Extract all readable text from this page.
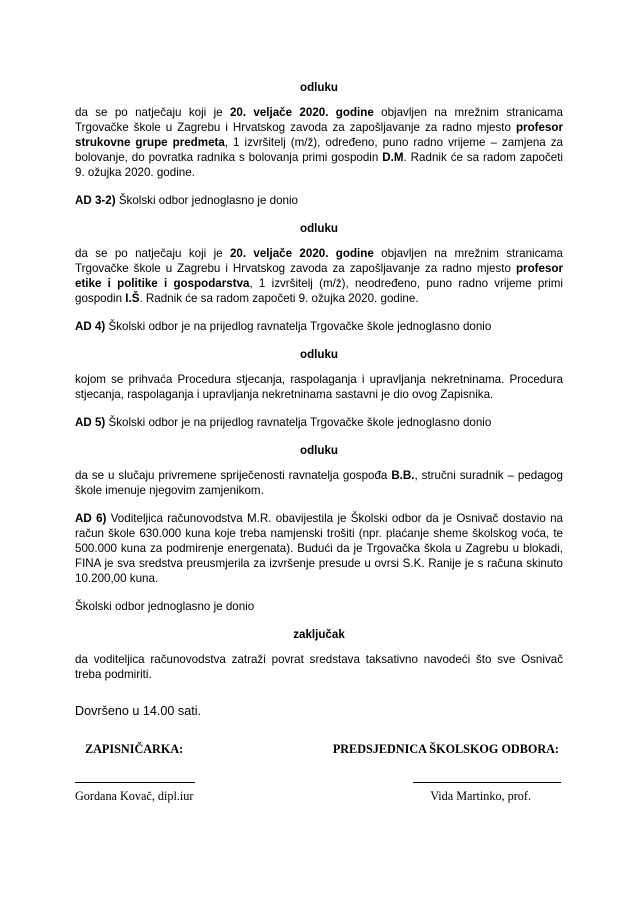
odluku

da se po natječaju koji je 20. veljače 2020. godine objavljen na mrežnim stranicama Trgovačke škole u Zagrebu i Hrvatskog zavoda za zapošljavanje za radno mjesto profesor strukovne grupe predmeta, 1 izvršitelj (m/ž), određeno, puno radno vrijeme – zamjena za bolovanje, do povratka radnika s bolovanja primi gospodin D.M. Radnik će sa radom započeti 9. ožujka 2020. godine.

AD 3-2) Školski odbor jednoglasno je donio

odluku

da se po natječaju koji je 20. veljače 2020. godine objavljen na mrežnim stranicama Trgovačke škole u Zagrebu i Hrvatskog zavoda za zapošljavanje za radno mjesto profesor etike i politike i gospodarstva, 1 izvršitelj (m/ž), neodređeno, puno radno vrijeme primi gospodin I.Š. Radnik će sa radom započeti 9. ožujka 2020. godine.

AD 4) Školski odbor je na prijedlog ravnatelja Trgovačke škole jednoglasno donio

odluku

kojom se prihvaća Procedura stjecanja, raspolaganja i upravljanja nekretninama. Procedura stjecanja, raspolaganja i upravljanja nekretninama sastavni je dio ovog Zapisnika.

AD 5) Školski odbor je na prijedlog ravnatelja Trgovačke škole jednoglasno donio

odluku

da se u slučaju privremene spriječenosti ravnatelja gospođa B.B., stručni suradnik – pedagog škole imenuje njegovim zamjenikom.

AD 6) Voditeljica računovodstva M.R. obavijestila je Školski odbor da je Osnivač dostavio na račun škole 630.000 kuna koje treba namjenski trošiti (npr. plaćanje sheme školskog voća, te 500.000 kuna za podmirenje energenata). Budući da je Trgovačka škola u Zagrebu u blokadi, FINA je sva sredstva preusmjerila za izvršenje presude u ovrsi S.K. Ranije je s računa skinuto 10.200,00 kuna.

Školski odbor jednoglasno je donio

zaključak

da voditeljica računovodstva zatraži povrat sredstava taksativno navodeći što sve Osnivač treba podmiriti.

Dovršeno u 14.00 sati.

ZAPISNIČARKA:	PREDSJEDNICA ŠKOLSKOG ODBORA:
Gordana Kovač, dipl.iur	Vida Martinko, prof.
